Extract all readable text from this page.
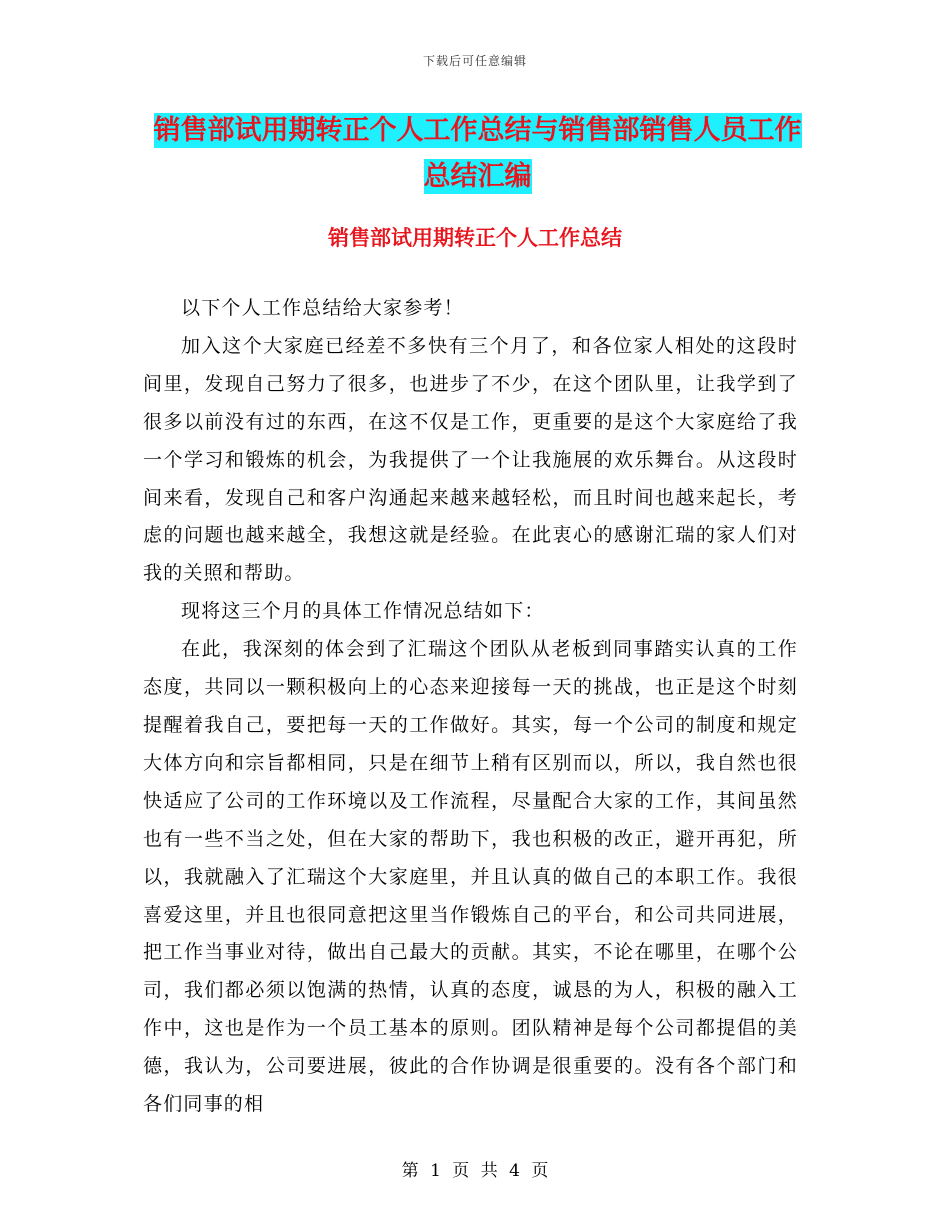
下载后可任意编辑
销售部试用期转正个人工作总结与销售部销售人员工作总结汇编
销售部试用期转正个人工作总结

以下个人工作总结给大家参考！

加入这个大家庭已经差不多快有三个月了，和各位家人相处的这段时间里，发现自己努力了很多，也进步了不少，在这个团队里，让我学到了很多以前没有过的东西，在这不仅是工作，更重要的是这个大家庭给了我一个学习和锻炼的机会，为我提供了一个让我施展的欢乐舞台。从这段时间来看，发现自己和客户沟通起来越来越轻松，而且时间也越来起长，考虑的问题也越来越全，我想这就是经验。在此衷心的感谢汇瑞的家人们对我的关照和帮助。

现将这三个月的具体工作情况总结如下：

在此，我深刻的体会到了汇瑞这个团队从老板到同事踏实认真的工作态度，共同以一颗积极向上的心态来迎接每一天的挑战，也正是这个时刻提醒着我自己，要把每一天的工作做好。其实，每一个公司的制度和规定大体方向和宗旨都相同，只是在细节上稍有区别而以，所以，我自然也很快适应了公司的工作环境以及工作流程，尽量配合大家的工作，其间虽然也有一些不当之处，但在大家的帮助下，我也积极的改正，避开再犯，所以，我就融入了汇瑞这个大家庭里，并且认真的做自己的本职工作。我很喜爱这里，并且也很同意把这里当作锻炼自己的平台，和公司共同进展，把工作当事业对待，做出自己最大的贡献。其实，不论在哪里，在哪个公司，我们都必须以饱满的热情，认真的态度，诚恳的为人，积极的融入工作中，这也是作为一个员工基本的原则。团队精神是每个公司都提倡的美德，我认为，公司要进展，彼此的合作协调是很重要的。没有各个部门和各们同事的相

第 1 页 共 4 页
